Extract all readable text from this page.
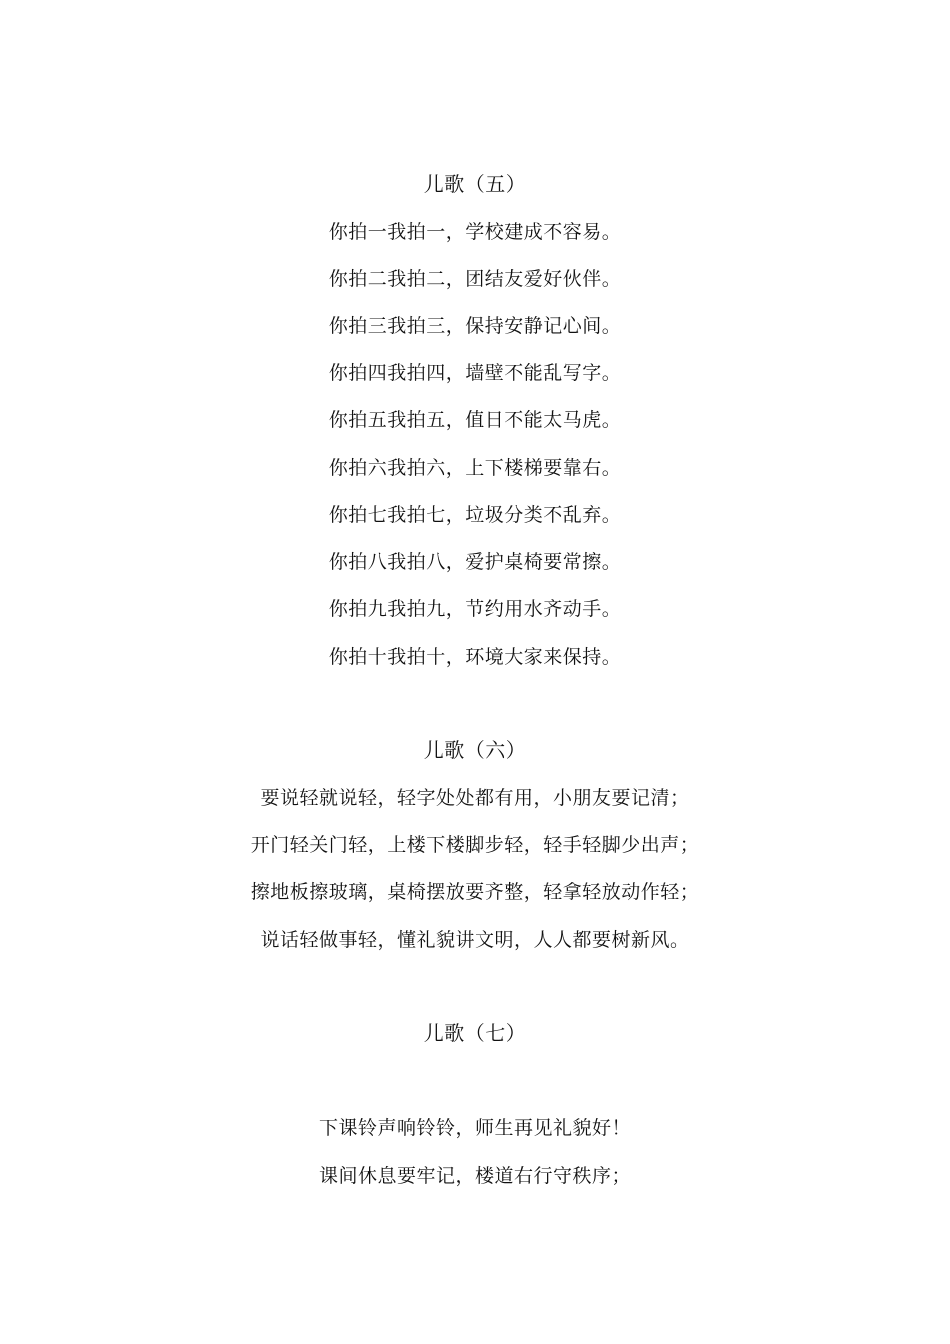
儿歌（五）
你拍一我拍一，学校建成不容易。
你拍二我拍二，团结友爱好伙伴。
你拍三我拍三，保持安静记心间。
你拍四我拍四，墙壁不能乱写字。
你拍五我拍五，值日不能太马虎。
你拍六我拍六，上下楼梯要靠右。
你拍七我拍七，垃圾分类不乱弃。
你拍八我拍八，爱护桌椅要常擦。
你拍九我拍九，节约用水齐动手。
你拍十我拍十，环境大家来保持。
儿歌（六）
要说轻就说轻，轻字处处都有用，小朋友要记清；
开门轻关门轻，上楼下楼脚步轻，轻手轻脚少出声；
擦地板擦玻璃，桌椅摆放要齐整，轻拿轻放动作轻；
说话轻做事轻，懂礼貌讲文明，人人都要树新风。
儿歌（七）
下课铃声响铃铃，师生再见礼貌好！
课间休息要牢记，楼道右行守秩序；
